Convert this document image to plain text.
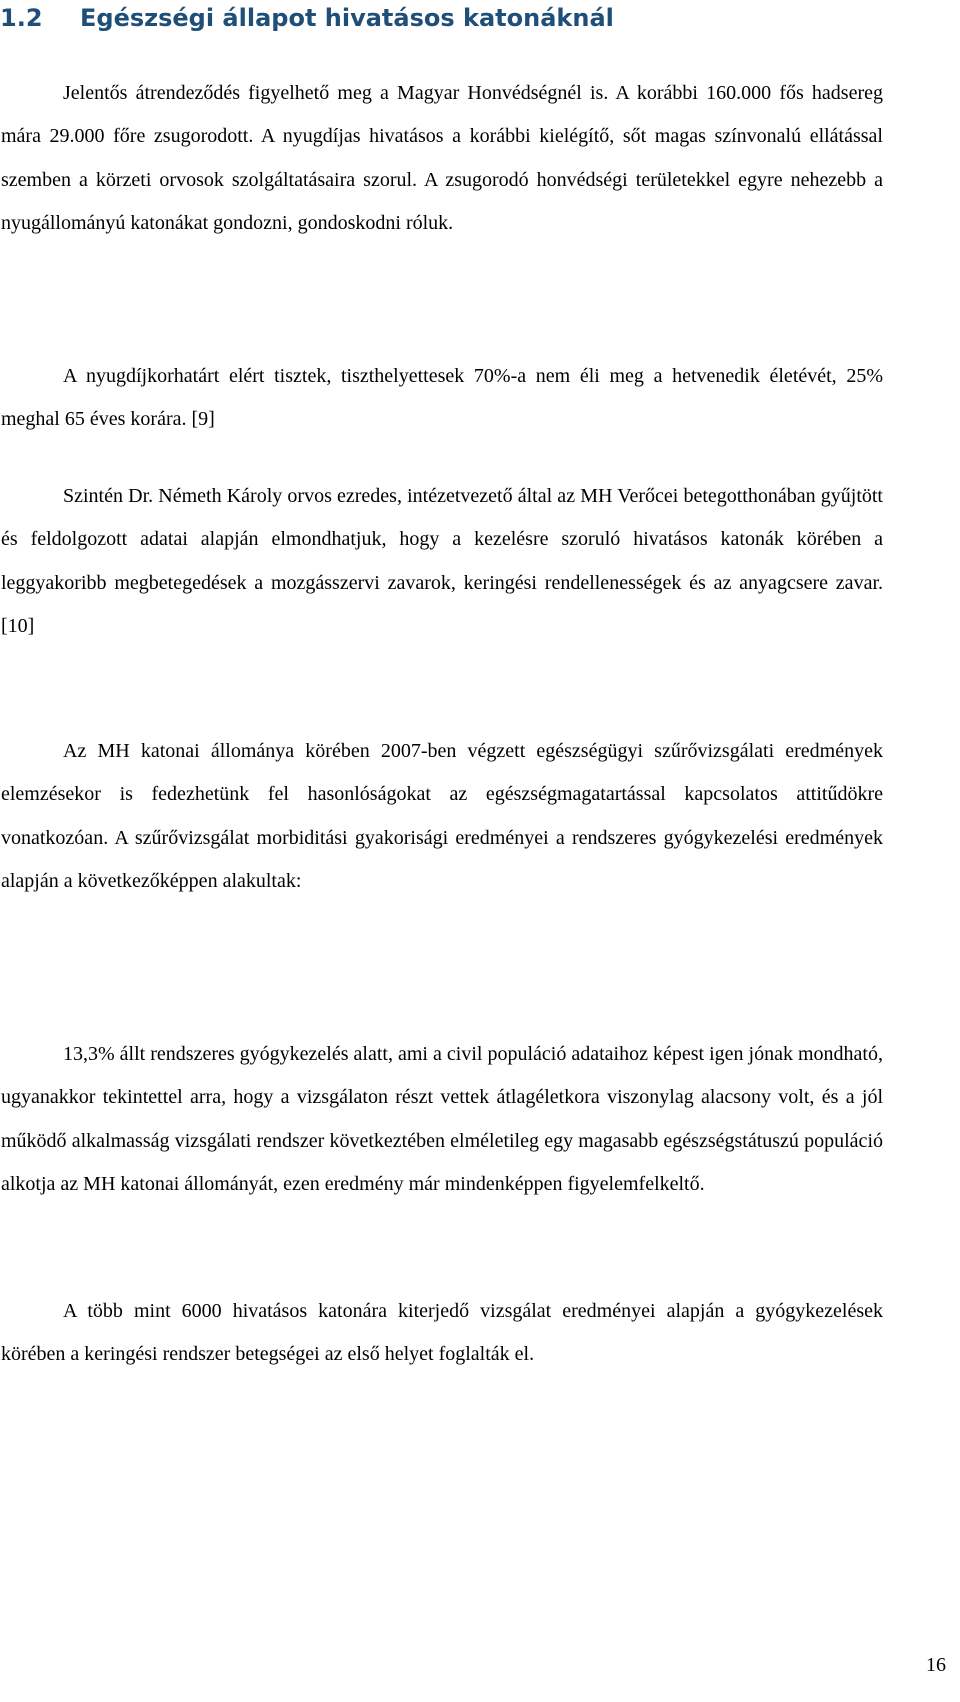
1.2	Egészségi állapot hivatásos katonáknál

Jelentős átrendeződés figyelhető meg a Magyar Honvédségnél is. A korábbi 160.000 fős hadsereg mára 29.000 főre zsugorodott. A nyugdíjas hivatásos a korábbi kielégítő, sőt magas színvonalú ellátással szemben a körzeti orvosok szolgáltatásaira szorul. A zsugorodó honvédségi területekkel egyre nehezebb a nyugállományú katonákat gondozni, gondoskodni róluk.

A nyugdíjkorhatárt elért tisztek, tiszthelyettesek 70%-a nem éli meg a hetvenedik életévét, 25% meghal 65 éves korára. [9]

Szintén Dr. Németh Károly orvos ezredes, intézetvezető által az MH Verőcei betegotthonában gyűjtött és feldolgozott adatai alapján elmondhatjuk, hogy a kezelésre szoruló hivatásos katonák körében a leggyakoribb megbetegedések a mozgásszervi zavarok, keringési rendellenességek és az anyagcsere zavar. [10]

Az MH katonai állománya körében 2007-ben végzett egészségügyi szűrővizsgálati eredmények elemzésekor is fedezhetünk fel hasonlóságokat az egészségmagatartással kapcsolatos attitűdökre vonatkozóan. A szűrővizsgálat morbiditási gyakorisági eredményei a rendszeres gyógykezelési eredmények alapján a következőképpen alakultak:

13,3% állt rendszeres gyógykezelés alatt, ami a civil populáció adataihoz képest igen jónak mondható, ugyanakkor tekintettel arra, hogy a vizsgálaton részt vettek átlagéletkora viszonylag alacsony volt, és a jól működő alkalmasság vizsgálati rendszer következtében elméletileg egy magasabb egészségstátuszú populáció alkotja az MH katonai állományát, ezen eredmény már mindenképpen figyelemfelkeltő.

A több mint 6000 hivatásos katonára kiterjedő vizsgálat eredményei alapján a gyógykezelések körében a keringési rendszer betegségei az első helyet foglalták el.

16
